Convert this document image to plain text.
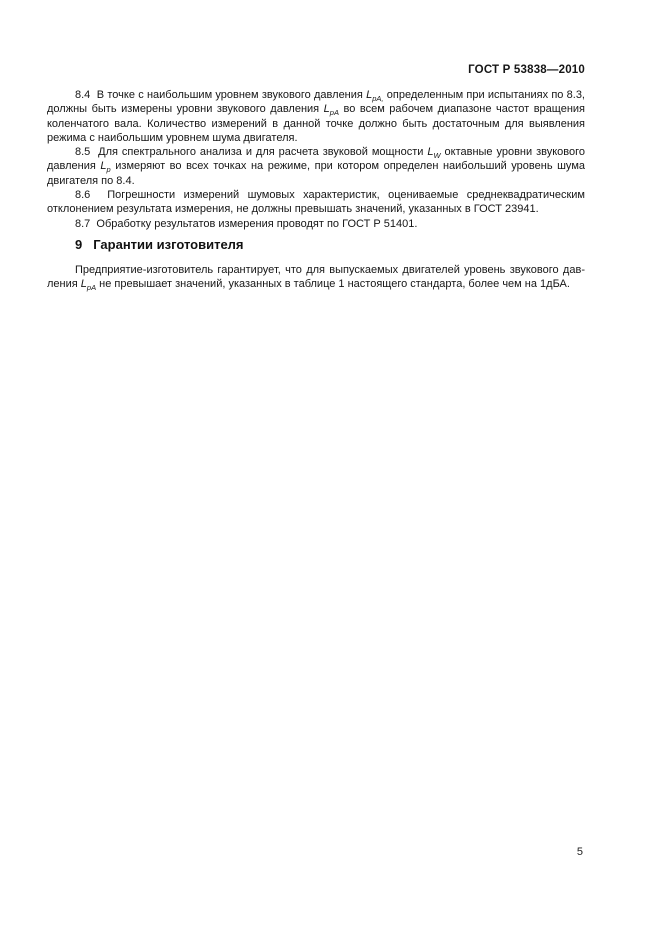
ГОСТ Р 53838—2010

8.4  В точке с наибольшим уровнем звукового давления $L_{pA,}$ определенным при испытаниях по 8.3, должны быть измерены уровни звукового давления $L_{pA}$ во всем рабочем диапазоне частот вращения коленчатого вала. Количество измерений в данной точке должно быть достаточным для выявления режима с наибольшим уровнем шума двигателя.

8.5  Для спектрального анализа и для расчета звуковой мощности $L_W$ октавные уровни звукового давления $L_p$ измеряют во всех точках на режиме, при котором определен наибольший уровень шума двигателя по 8.4.

8.6  Погрешности измерений шумовых характеристик, оцениваемые среднеквадратическим отклонением результата измерения, не должны превышать значений, указанных в ГОСТ 23941.

8.7  Обработку результатов измерения проводят по ГОСТ Р 51401.

9 Гарантии изготовителя

Предприятие-изготовитель гарантирует, что для выпускаемых двигателей уровень звукового давления $L_{pA}$ не превышает значений, указанных в таблице 1 настоящего стандарта, более чем на 1дБА.

5
